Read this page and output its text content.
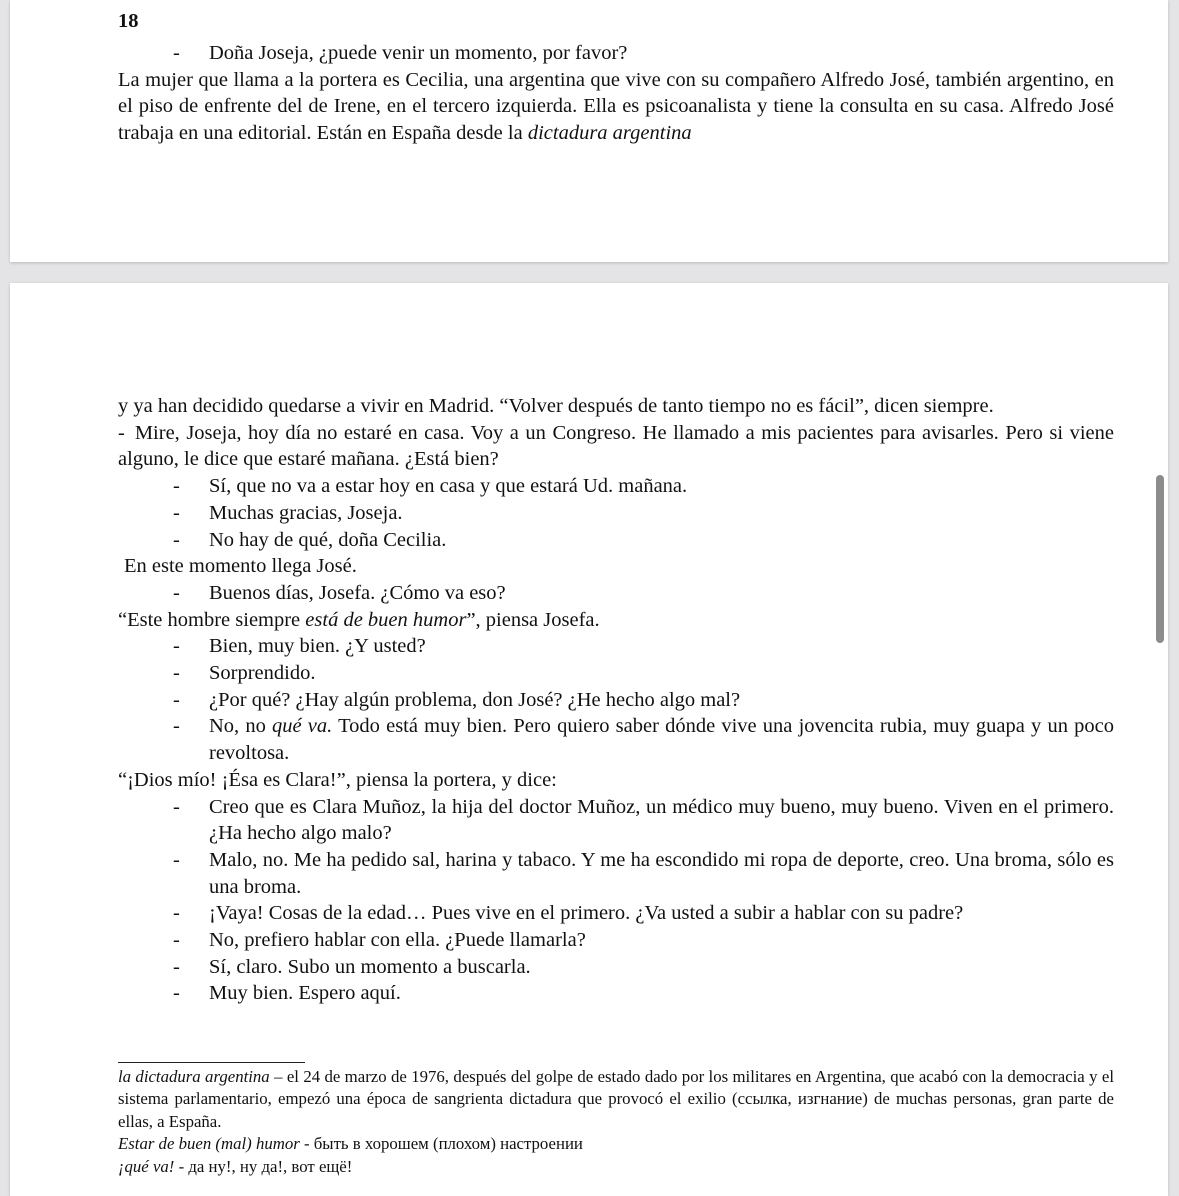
18
- Doña Joseja, ¿puede venir un momento, por favor?

La mujer que llama a la portera es Cecilia, una argentina que vive con su compañero Alfredo José, también argentino, en el piso de enfrente del de Irene, en el tercero izquierda. Ella es psicoanalista y tiene la consulta en su casa. Alfredo José trabaja en una editorial. Están en España desde la dictadura argentina

y ya han decidido quedarse a vivir en Madrid. “Volver después de tanto tiempo no es fácil”, dicen siempre.

- Mire, Joseja, hoy día no estaré en casa. Voy a un Congreso. He llamado a mis pacientes para avisarles. Pero si viene alguno, le dice que estaré mañana. ¿Está bien?

- Sí, que no va a estar hoy en casa y que estará Ud. mañana.
- Muchas gracias, Joseja.
- No hay de qué, doña Cecilia.

En este momento llega José.

- Buenos días, Josefa. ¿Cómo va eso?

“Este hombre siempre está de buen humor”, piensa Josefa.

- Bien, muy bien. ¿Y usted?
- Sorprendido.
- ¿Por qué? ¿Hay algún problema, don José? ¿He hecho algo mal?
- No, no qué va. Todo está muy bien. Pero quiero saber dónde vive una jovencita rubia, muy guapa y un poco revoltosa.

“¡Dios mío! ¡Ésa es Clara!”, piensa la portera, y dice:

- Creo que es Clara Muñoz, la hija del doctor Muñoz, un médico muy bueno, muy bueno. Viven en el primero. ¿Ha hecho algo malo?
- Malo, no. Me ha pedido sal, harina y tabaco. Y me ha escondido mi ropa de deporte, creo. Una broma, sólo es una broma.
- ¡Vaya! Cosas de la edad… Pues vive en el primero. ¿Va usted a subir a hablar con su padre?
- No, prefiero hablar con ella. ¿Puede llamarla?
- Sí, claro. Subo un momento a buscarla.
- Muy bien. Espero aquí.

la dictadura argentina – el 24 de marzo de 1976, después del golpe de estado dado por los militares en Argentina, que acabó con la democracia y el sistema parlamentario, empezó una época de sangrienta dictadura que provocó el exilio (ссылка, изгнание) de muchas personas, gran parte de ellas, a España.

Estar de buen (mal) humor - быть в хорошем (плохом) настроении

¡qué va! - да ну!, ну да!, вот ещё!
